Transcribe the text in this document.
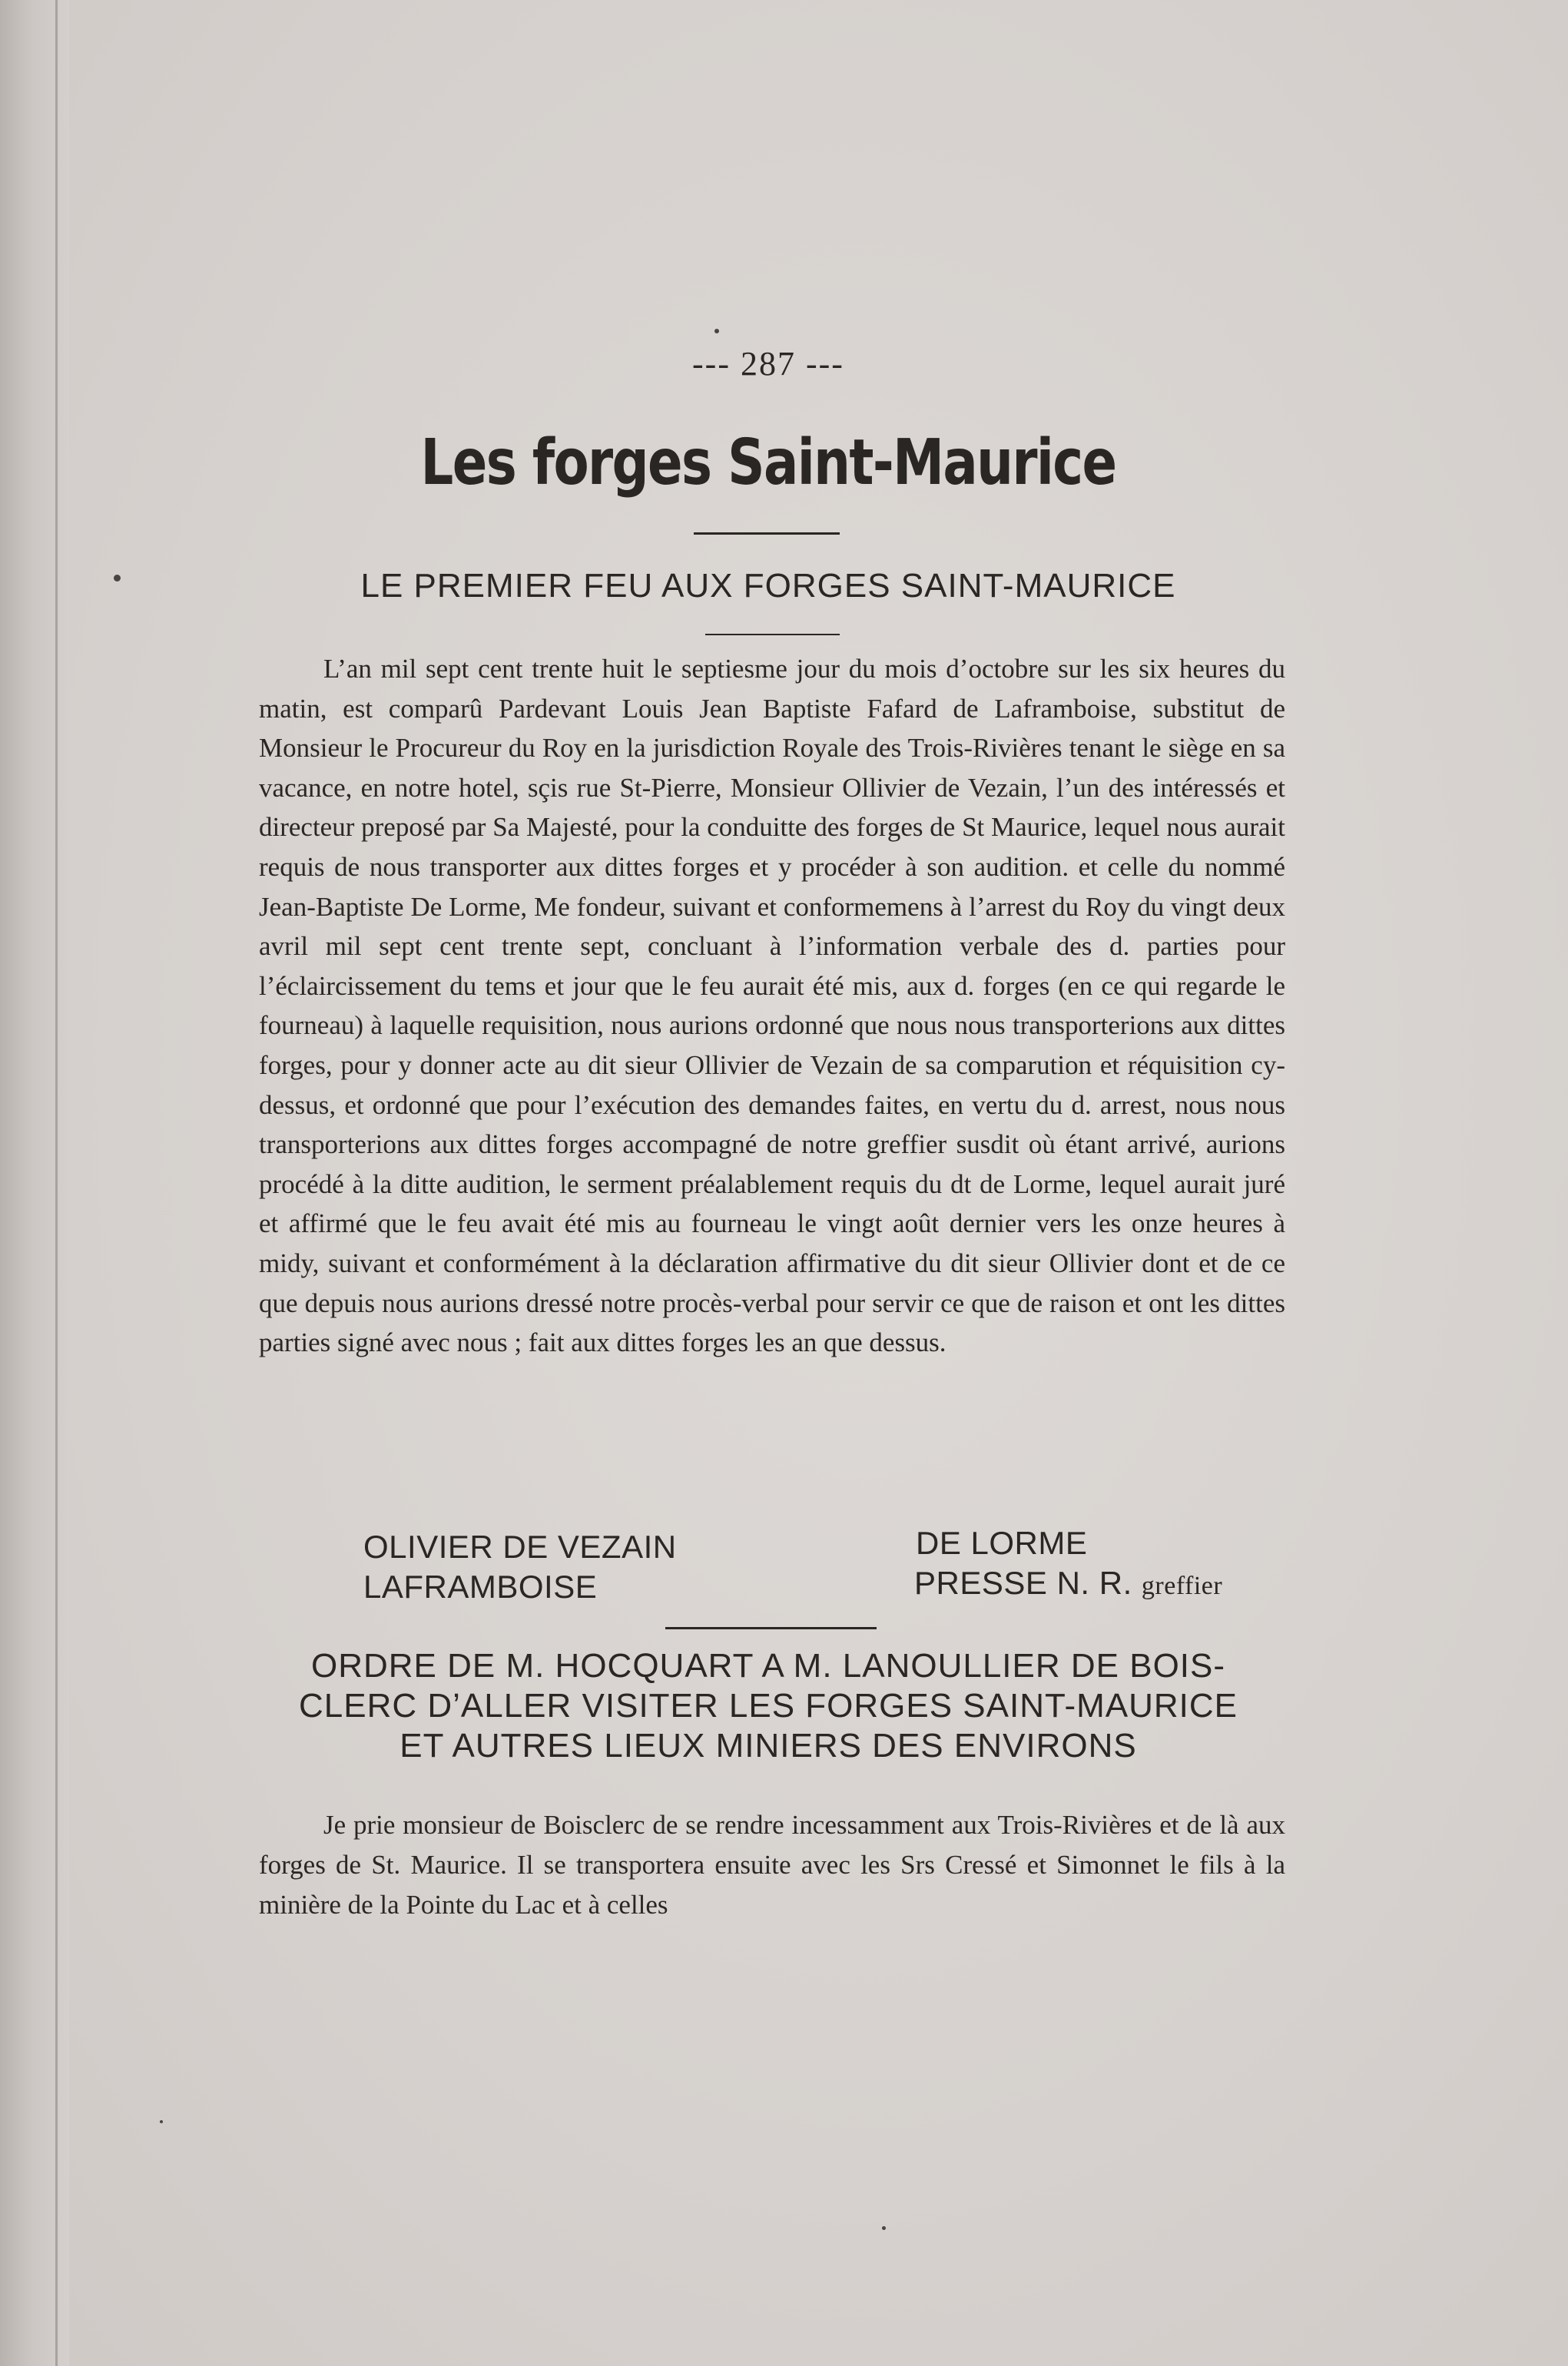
--- 287 ---
Les forges Saint-Maurice
LE PREMIER FEU AUX FORGES SAINT-MAURICE
L’an mil sept cent trente huit le septiesme jour du mois d’octobre sur les six heures du matin, est comparû Pardevant Louis Jean Baptiste Fafard de Laframboise, substitut de Monsieur le Procureur du Roy en la jurisdiction Royale des Trois-Rivières tenant le siège en sa vacance, en notre hotel, sçis rue St-Pierre, Monsieur Ollivier de Vezain, l’un des intéressés et directeur preposé par Sa Majesté, pour la conduitte des forges de St Maurice, lequel nous aurait requis de nous transporter aux dittes forges et y procéder à son audition. et celle du nommé Jean-Baptiste De Lorme, Me fondeur, suivant et conformemens à l’arrest du Roy du vingt deux avril mil sept cent trente sept, concluant à l’information verbale des d. parties pour l’éclaircissement du tems et jour que le feu aurait été mis, aux d. forges (en ce qui regarde le fourneau) à laquelle requisition, nous aurions ordonné que nous nous transporterions aux dittes forges, pour y donner acte au dit sieur Ollivier de Vezain de sa comparution et réquisition cy-dessus, et ordonné que pour l’exécution des demandes faites, en vertu du d. arrest, nous nous transporterions aux dittes forges accompagné de notre greffier susdit où étant arrivé, aurions procédé à la ditte audition, le serment préalablement requis du dt de Lorme, lequel aurait juré et affirmé que le feu avait été mis au fourneau le vingt août dernier vers les onze heures à midy, suivant et conformément à la déclaration affirmative du dit sieur Ollivier dont et de ce que depuis nous aurions dressé notre procès-verbal pour servir ce que de raison et ont les dittes parties signé avec nous ; fait aux dittes forges les an que dessus.
OLIVIER DE VEZAIN
LAFRAMBOISE
DE LORME
PRESSE N. R. greffier
ORDRE DE M. HOCQUART A M. LANOULLIER DE BOIS-
CLERC D’ALLER VISITER LES FORGES SAINT-MAURICE
ET AUTRES LIEUX MINIERS DES ENVIRONS
Je prie monsieur de Boisclerc de se rendre incessamment aux Trois-Rivières et de là aux forges de St. Maurice. Il se transportera ensuite avec les Srs Cressé et Simonnet le fils à la minière de la Pointe du Lac et à celles
